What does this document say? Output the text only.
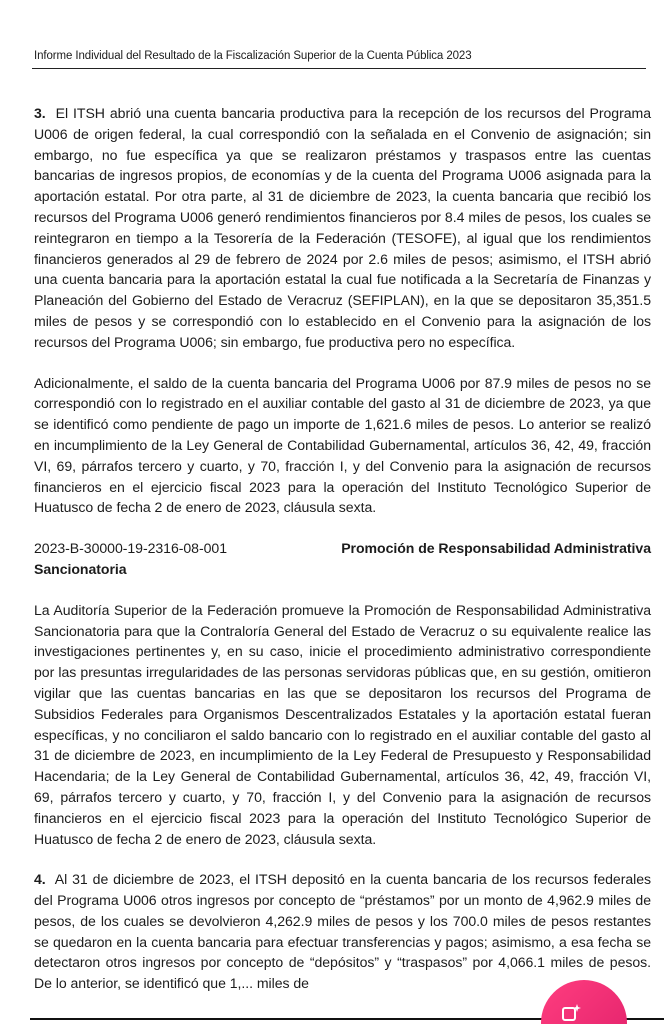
Informe Individual del Resultado de la Fiscalización Superior de la Cuenta Pública 2023

3. El ITSH abrió una cuenta bancaria productiva para la recepción de los recursos del Programa U006 de origen federal, la cual correspondió con la señalada en el Convenio de asignación; sin embargo, no fue específica ya que se realizaron préstamos y traspasos entre las cuentas bancarias de ingresos propios, de economías y de la cuenta del Programa U006 asignada para la aportación estatal. Por otra parte, al 31 de diciembre de 2023, la cuenta bancaria que recibió los recursos del Programa U006 generó rendimientos financieros por 8.4 miles de pesos, los cuales se reintegraron en tiempo a la Tesorería de la Federación (TESOFE), al igual que los rendimientos financieros generados al 29 de febrero de 2024 por 2.6 miles de pesos; asimismo, el ITSH abrió una cuenta bancaria para la aportación estatal la cual fue notificada a la Secretaría de Finanzas y Planeación del Gobierno del Estado de Veracruz (SEFIPLAN), en la que se depositaron 35,351.5 miles de pesos y se correspondió con lo establecido en el Convenio para la asignación de los recursos del Programa U006; sin embargo, fue productiva pero no específica.

Adicionalmente, el saldo de la cuenta bancaria del Programa U006 por 87.9 miles de pesos no se correspondió con lo registrado en el auxiliar contable del gasto al 31 de diciembre de 2023, ya que se identificó como pendiente de pago un importe de 1,621.6 miles de pesos. Lo anterior se realizó en incumplimiento de la Ley General de Contabilidad Gubernamental, artículos 36, 42, 49, fracción VI, 69, párrafos tercero y cuarto, y 70, fracción I, y del Convenio para la asignación de recursos financieros en el ejercicio fiscal 2023 para la operación del Instituto Tecnológico Superior de Huatusco de fecha 2 de enero de 2023, cláusula sexta.

2023-B-30000-19-2316-08-001	Promoción de Responsabilidad Administrativa

Sancionatoria

La Auditoría Superior de la Federación promueve la Promoción de Responsabilidad Administrativa Sancionatoria para que la Contraloría General del Estado de Veracruz o su equivalente realice las investigaciones pertinentes y, en su caso, inicie el procedimiento administrativo correspondiente por las presuntas irregularidades de las personas servidoras públicas que, en su gestión, omitieron vigilar que las cuentas bancarias en las que se depositaron los recursos del Programa de Subsidios Federales para Organismos Descentralizados Estatales y la aportación estatal fueran específicas, y no conciliaron el saldo bancario con lo registrado en el auxiliar contable del gasto al 31 de diciembre de 2023, en incumplimiento de la Ley Federal de Presupuesto y Responsabilidad Hacendaria; de la Ley General de Contabilidad Gubernamental, artículos 36, 42, 49, fracción VI, 69, párrafos tercero y cuarto, y 70, fracción I, y del Convenio para la asignación de recursos financieros en el ejercicio fiscal 2023 para la operación del Instituto Tecnológico Superior de Huatusco de fecha 2 de enero de 2023, cláusula sexta.

4. Al 31 de diciembre de 2023, el ITSH depositó en la cuenta bancaria de los recursos federales del Programa U006 otros ingresos por concepto de “préstamos” por un monto de 4,962.9 miles de pesos, de los cuales se devolvieron 4,262.9 miles de pesos y los 700.0 miles de pesos restantes se quedaron en la cuenta bancaria para efectuar transferencias y pagos; asimismo, a esa fecha se detectaron otros ingresos por concepto de “depósitos” y “traspasos” por 4,066.1 miles de pesos. De lo anterior, se identificó que 1,... miles de
